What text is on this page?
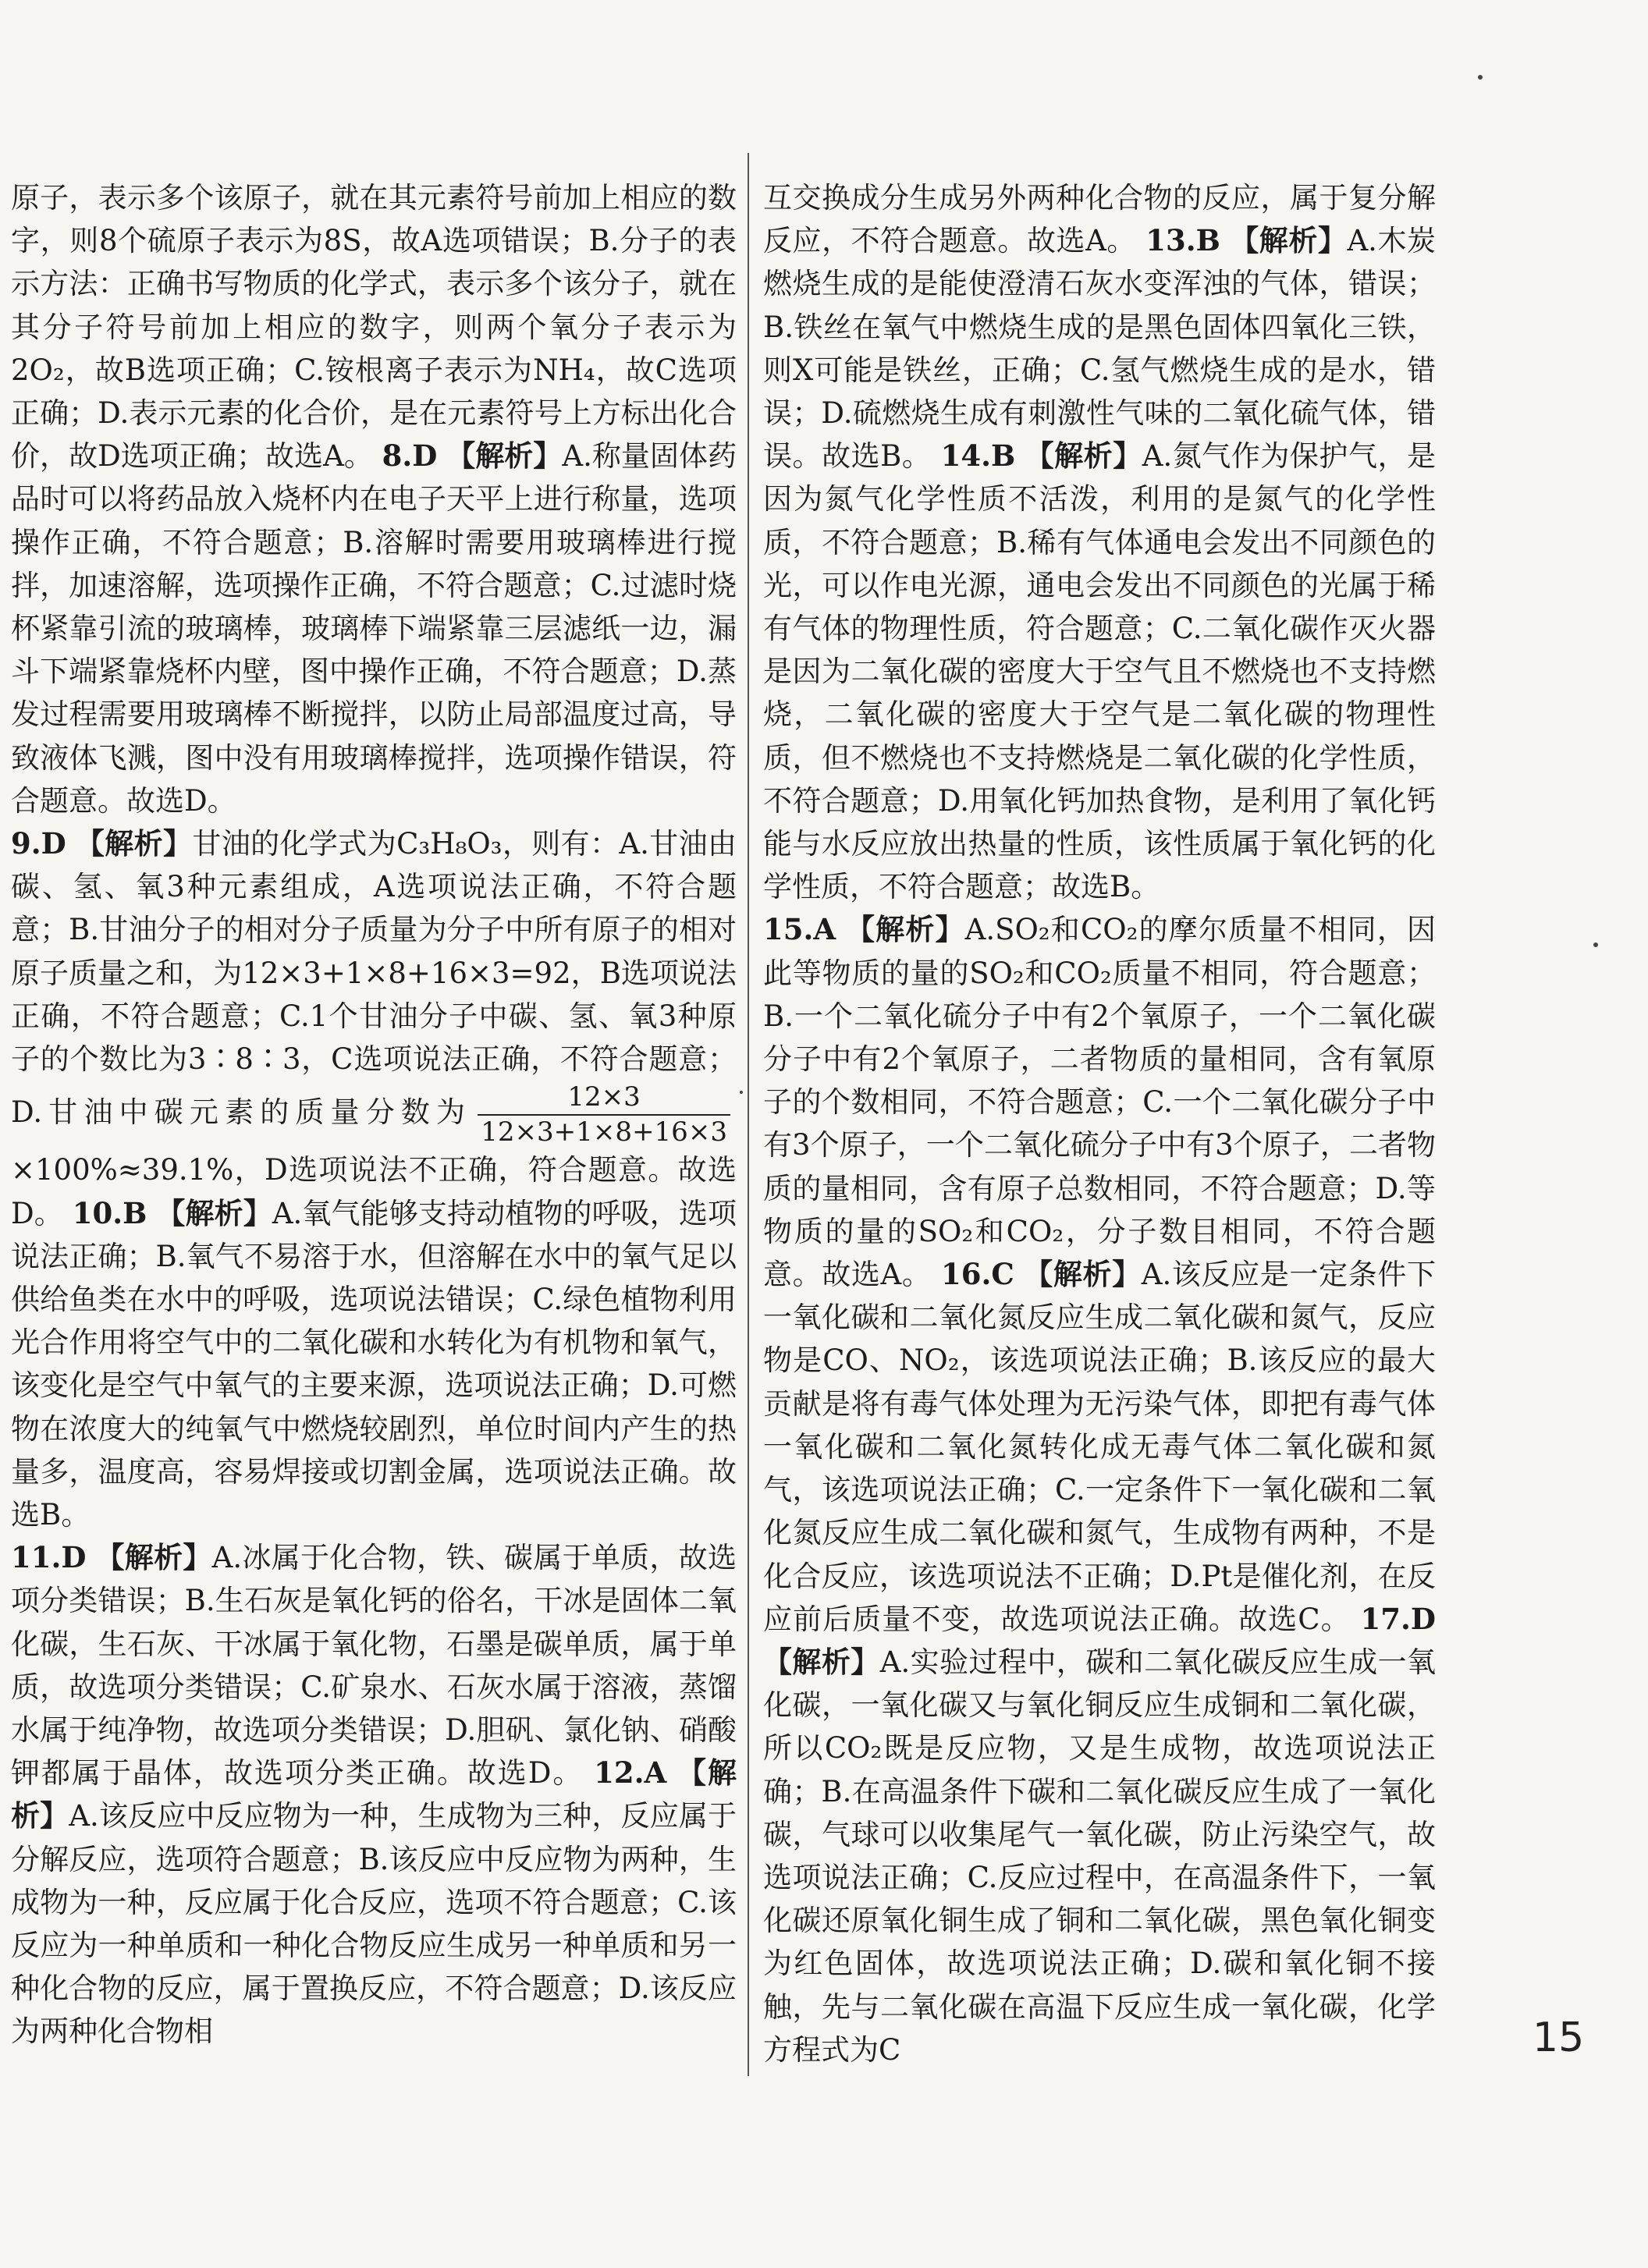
原子，表示多个该原子，就在其元素符号前加上相应的数字，则8个硫原子表示为8S，故A选项错误；B.分子的表示方法：正确书写物质的化学式，表示多个该分子，就在其分子符号前加上相应的数字，则两个氧分子表示为2O₂，故B选项正确；C.铵根离子表示为NH₄，故C选项正确；D.表示元素的化合价，是在元素符号上方标出化合价，故D选项正确；故选A。 8.D 【解析】A.称量固体药品时可以将药品放入烧杯内在电子天平上进行称量，选项操作正确，不符合题意；B.溶解时需要用玻璃棒进行搅拌，加速溶解，选项操作正确，不符合题意；C.过滤时烧杯紧靠引流的玻璃棒，玻璃棒下端紧靠三层滤纸一边，漏斗下端紧靠烧杯内壁，图中操作正确，不符合题意；D.蒸发过程需要用玻璃棒不断搅拌，以防止局部温度过高，导致液体飞溅，图中没有用玻璃棒搅拌，选项操作错误，符合题意。故选D。

9.D 【解析】甘油的化学式为C₃H₈O₃，则有：A.甘油由碳、氢、氧3种元素组成，A选项说法正确，不符合题意；B.甘油分子的相对分子质量为分子中所有原子的相对原子质量之和，为12×3+1×8+16×3=92，B选项说法正确，不符合题意；C.1个甘油分子中碳、氢、氧3种原子的个数比为3∶8∶3，C选项说法正确，不符合题意；D.甘油中碳元素的质量分数为 $\frac{12\times 3}{12\times 3+1\times 8+16\times 3}$
×100%≈39.1%，D选项说法不正确，符合题意。故选D。 10.B 【解析】A.氧气能够支持动植物的呼吸，选项说法正确；B.氧气不易溶于水，但溶解在水中的氧气足以供给鱼类在水中的呼吸，选项说法错误；C.绿色植物利用光合作用将空气中的二氧化碳和水转化为有机物和氧气，该变化是空气中氧气的主要来源，选项说法正确；D.可燃物在浓度大的纯氧气中燃烧较剧烈，单位时间内产生的热量多，温度高，容易焊接或切割金属，选项说法正确。故选B。

11.D 【解析】A.冰属于化合物，铁、碳属于单质，故选项分类错误；B.生石灰是氧化钙的俗名，干冰是固体二氧化碳，生石灰、干冰属于氧化物，石墨是碳单质，属于单质，故选项分类错误；C.矿泉水、石灰水属于溶液，蒸馏水属于纯净物，故选项分类错误；D.胆矾、氯化钠、硝酸钾都属于晶体，故选项分类正确。故选D。 12.A 【解析】A.该反应中反应物为一种，生成物为三种，反应属于分解反应，选项符合题意；B.该反应中反应物为两种，生成物为一种，反应属于化合反应，选项不符合题意；C.该反应为一种单质和一种化合物反应生成另一种单质和另一种化合物的反应，属于置换反应，不符合题意；D.该反应为两种化合物相

互交换成分生成另外两种化合物的反应，属于复分解反应，不符合题意。故选A。 13.B 【解析】A.木炭燃烧生成的是能使澄清石灰水变浑浊的气体，错误；B.铁丝在氧气中燃烧生成的是黑色固体四氧化三铁，则X可能是铁丝，正确；C.氢气燃烧生成的是水，错误；D.硫燃烧生成有刺激性气味的二氧化硫气体，错误。故选B。 14.B 【解析】A.氮气作为保护气，是因为氮气化学性质不活泼，利用的是氮气的化学性质，不符合题意；B.稀有气体通电会发出不同颜色的光，可以作电光源，通电会发出不同颜色的光属于稀有气体的物理性质，符合题意；C.二氧化碳作灭火器是因为二氧化碳的密度大于空气且不燃烧也不支持燃烧，二氧化碳的密度大于空气是二氧化碳的物理性质，但不燃烧也不支持燃烧是二氧化碳的化学性质，不符合题意；D.用氧化钙加热食物，是利用了氧化钙能与水反应放出热量的性质，该性质属于氧化钙的化学性质，不符合题意；故选B。

15.A 【解析】A.SO₂和CO₂的摩尔质量不相同，因此等物质的量的SO₂和CO₂质量不相同，符合题意；B.一个二氧化硫分子中有2个氧原子，一个二氧化碳分子中有2个氧原子，二者物质的量相同，含有氧原子的个数相同，不符合题意；C.一个二氧化碳分子中有3个原子，一个二氧化硫分子中有3个原子，二者物质的量相同，含有原子总数相同，不符合题意；D.等物质的量的SO₂和CO₂，分子数目相同，不符合题意。故选A。 16.C 【解析】A.该反应是一定条件下一氧化碳和二氧化氮反应生成二氧化碳和氮气，反应物是CO、NO₂，该选项说法正确；B.该反应的最大贡献是将有毒气体处理为无污染气体，即把有毒气体一氧化碳和二氧化氮转化成无毒气体二氧化碳和氮气，该选项说法正确；C.一定条件下一氧化碳和二氧化氮反应生成二氧化碳和氮气，生成物有两种，不是化合反应，该选项说法不正确；D.Pt是催化剂，在反应前后质量不变，故选项说法正确。故选C。 17.D 【解析】A.实验过程中，碳和二氧化碳反应生成一氧化碳，一氧化碳又与氧化铜反应生成铜和二氧化碳，所以CO₂既是反应物，又是生成物，故选项说法正确；B.在高温条件下碳和二氧化碳反应生成了一氧化碳，气球可以收集尾气一氧化碳，防止污染空气，故选项说法正确；C.反应过程中，在高温条件下，一氧化碳还原氧化铜生成了铜和二氧化碳，黑色氧化铜变为红色固体，故选项说法正确；D.碳和氧化铜不接触，先与二氧化碳在高温下反应生成一氧化碳，化学方程式为C	15
